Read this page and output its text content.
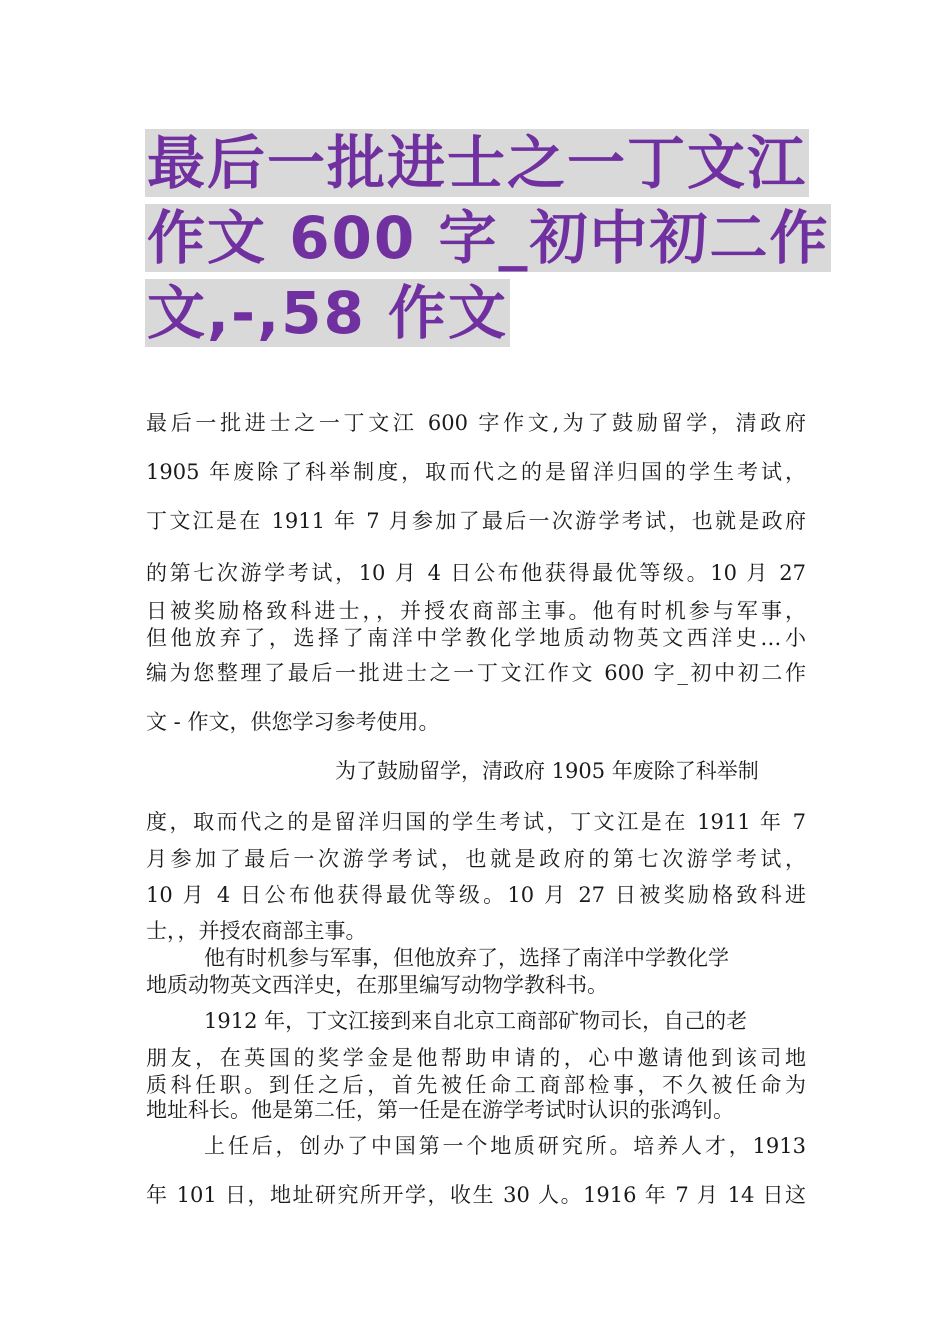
最后一批进士之一丁文江
作文 600 字_初中初二作
文,-,58 作文
最后一批进士之一丁文江 600 字作文,为了鼓励留学，清政府
1905 年废除了科举制度，取而代之的是留洋归国的学生考试，
丁文江是在 1911 年 7 月参加了最后一次游学考试，也就是政府
的第七次游学考试，10 月 4 日公布他获得最优等级。10 月 27
日被奖励格致科进士，，并授农商部主事。他有时机参与军事，
但他放弃了，选择了南洋中学教化学地质动物英文西洋史…小
编为您整理了最后一批进士之一丁文江作文 600 字_初中初二作
文 - 作文，供您学习参考使用。
为了鼓励留学，清政府 1905 年废除了科举制
度，取而代之的是留洋归国的学生考试，丁文江是在 1911 年 7
月参加了最后一次游学考试，也就是政府的第七次游学考试，
10 月 4 日公布他获得最优等级。10 月 27 日被奖励格致科进
士，，并授农商部主事。
他有时机参与军事，但他放弃了，选择了南洋中学教化学
地质动物英文西洋史，在那里编写动物学教科书。
1912 年，丁文江接到来自北京工商部矿物司长，自己的老
朋友，在英国的奖学金是他帮助申请的，心中邀请他到该司地
质科任职。到任之后，首先被任命工商部检事，不久被任命为
地址科长。他是第二任，第一任是在游学考试时认识的张鸿钊。
上任后，创办了中国第一个地质研究所。培养人才，1913
年 101 日，地址研究所开学，收生 30 人。1916 年 7 月 14 日这
